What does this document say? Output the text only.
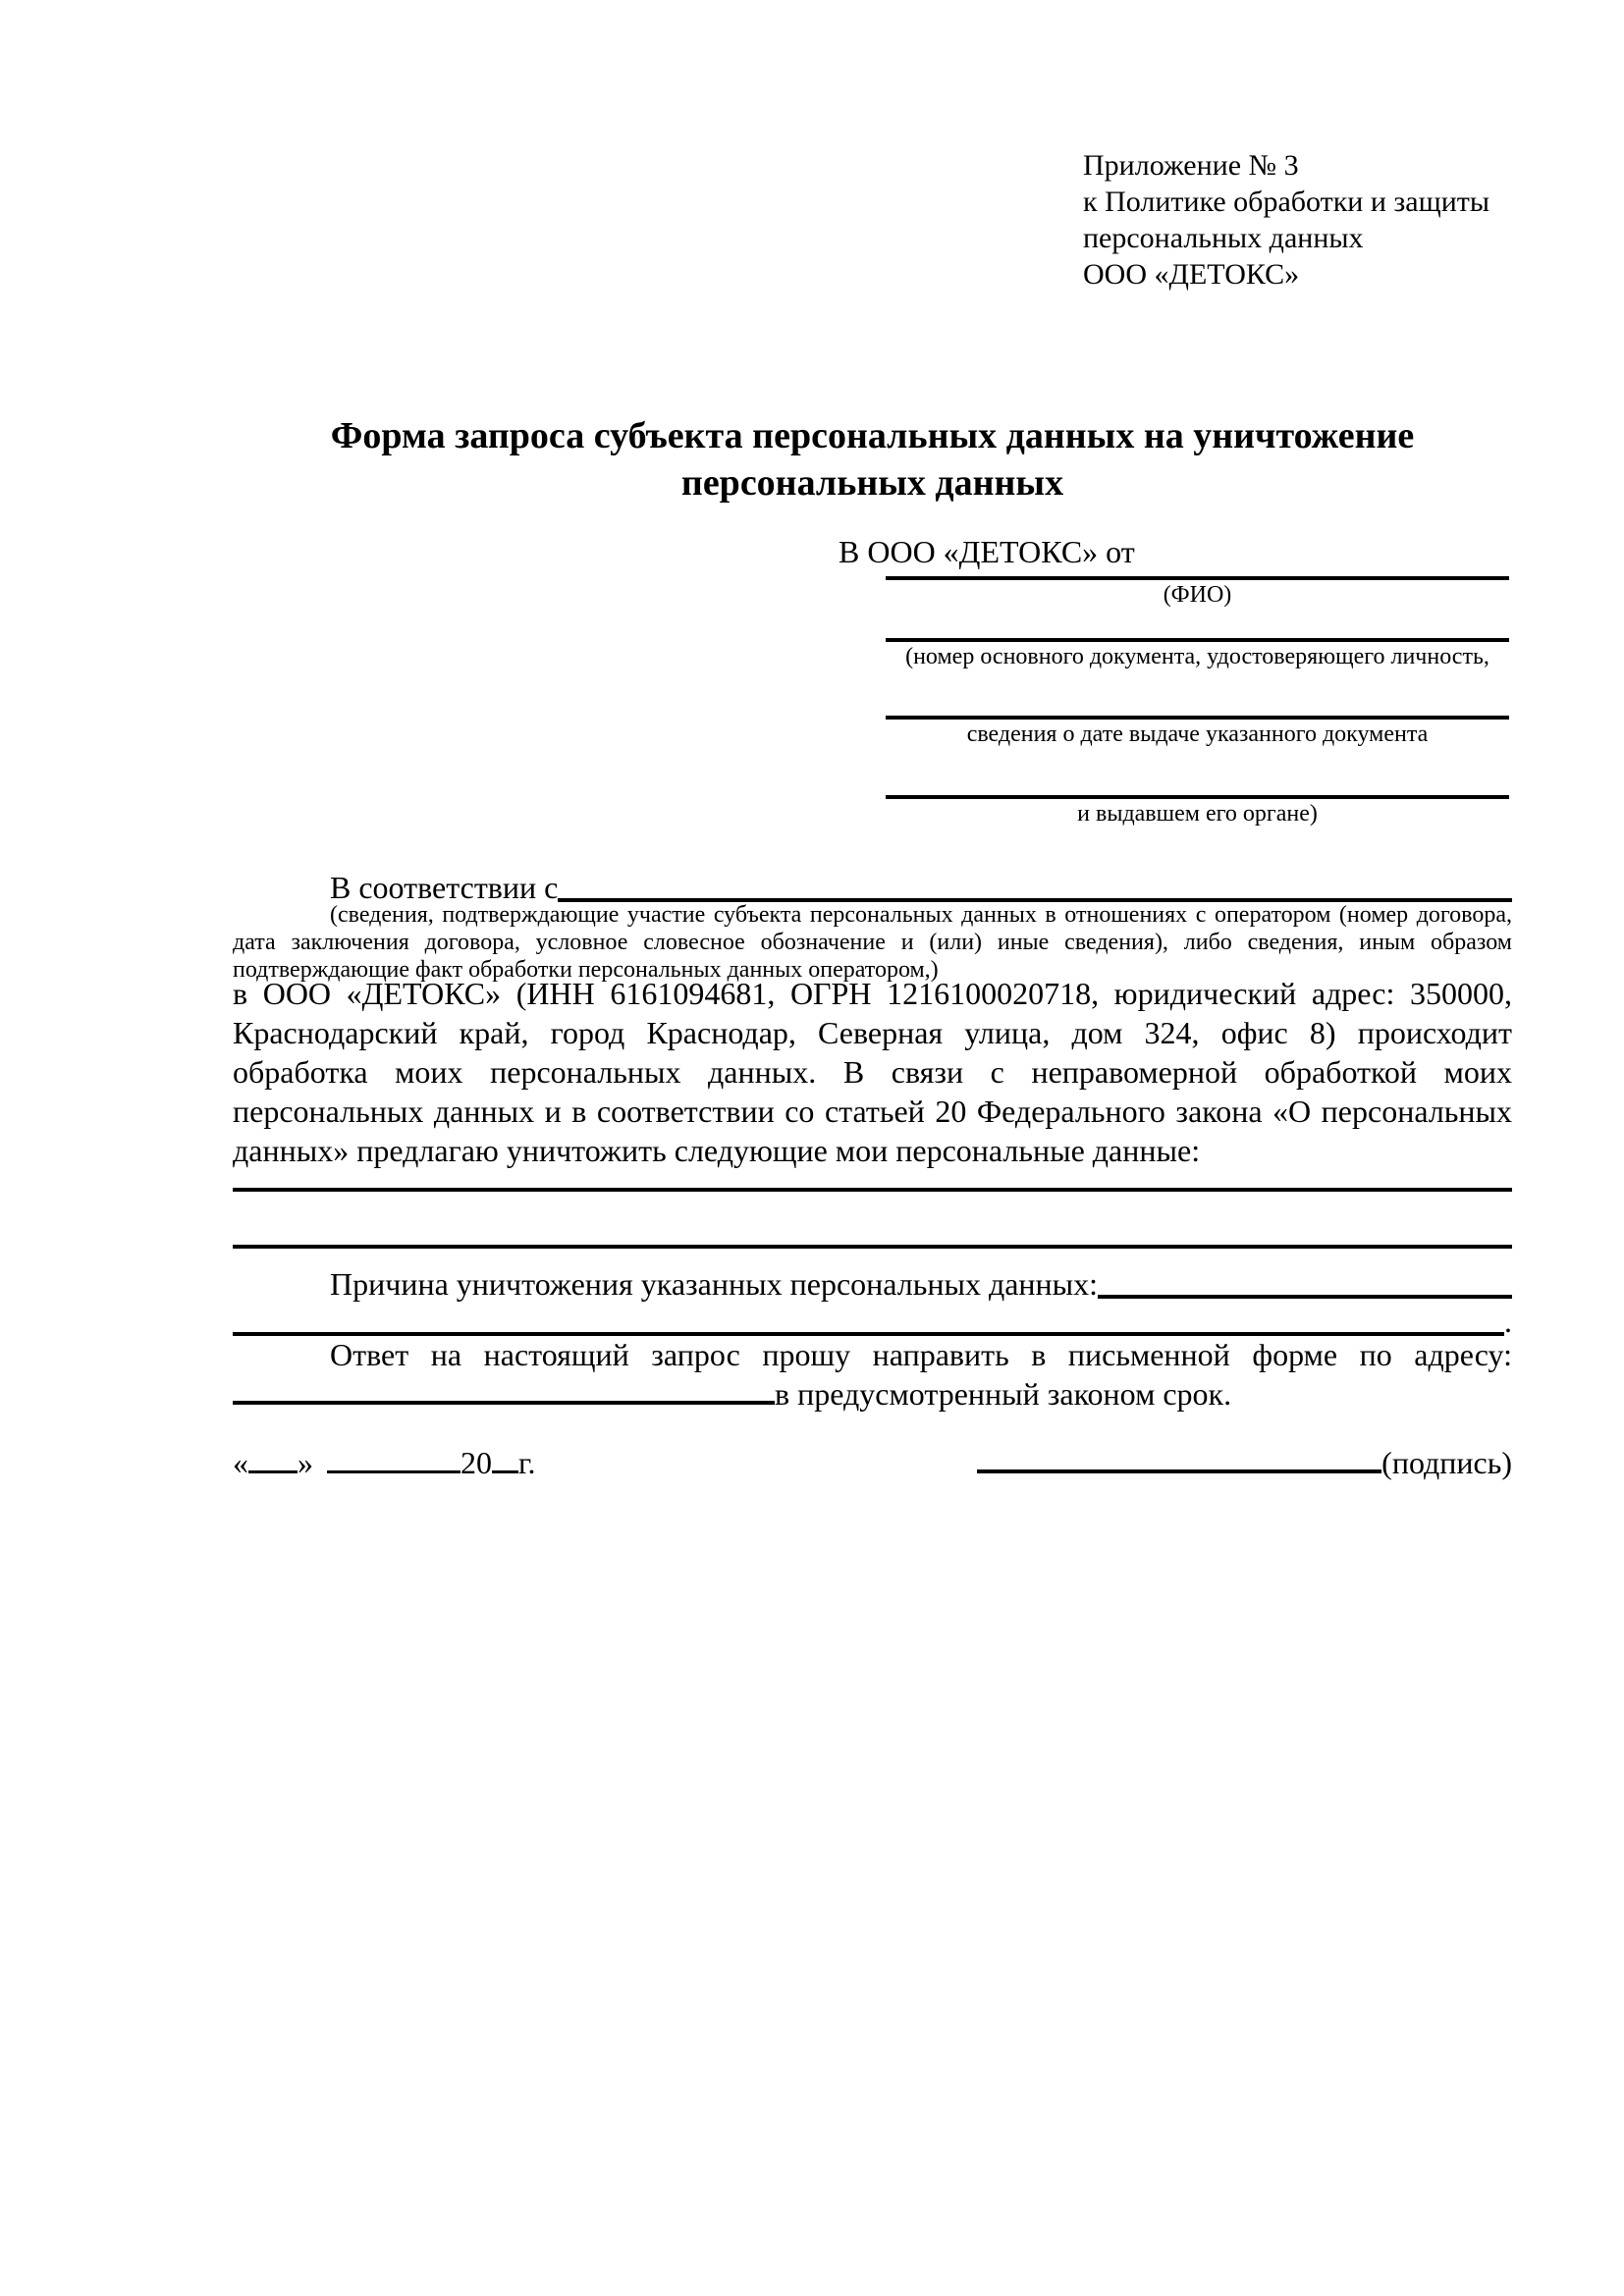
Приложение № 3
к Политике обработки и защиты
персональных данных
ООО «ДЕТОКС»
Форма запроса субъекта персональных данных на уничтожение персональных данных
В ООО «ДЕТОКС» от
(ФИО)
(номер основного документа, удостоверяющего личность,
сведения о дате выдаче указанного документа
и выдавшем его органе)
В соответствии с
(сведения, подтверждающие участие субъекта персональных данных в отношениях с оператором (номер договора, дата заключения договора, условное словесное обозначение и (или) иные сведения), либо сведения, иным образом подтверждающие факт обработки персональных данных оператором,)
в ООО «ДЕТОКС» (ИНН 6161094681, ОГРН 1216100020718, юридический адрес: 350000, Краснодарский край, город Краснодар, Северная улица, дом 324, офис 8) происходит обработка моих персональных данных. В связи с неправомерной обработкой моих персональных данных и в соответствии со статьей 20 Федерального закона «О персональных данных» предлагаю уничтожить следующие мои персональные данные:
Причина уничтожения указанных персональных данных:
.
Ответ на настоящий запрос прошу направить в письменной форме по адресу:
в предусмотренный законом срок.
« »	20 г.	(подпись)
